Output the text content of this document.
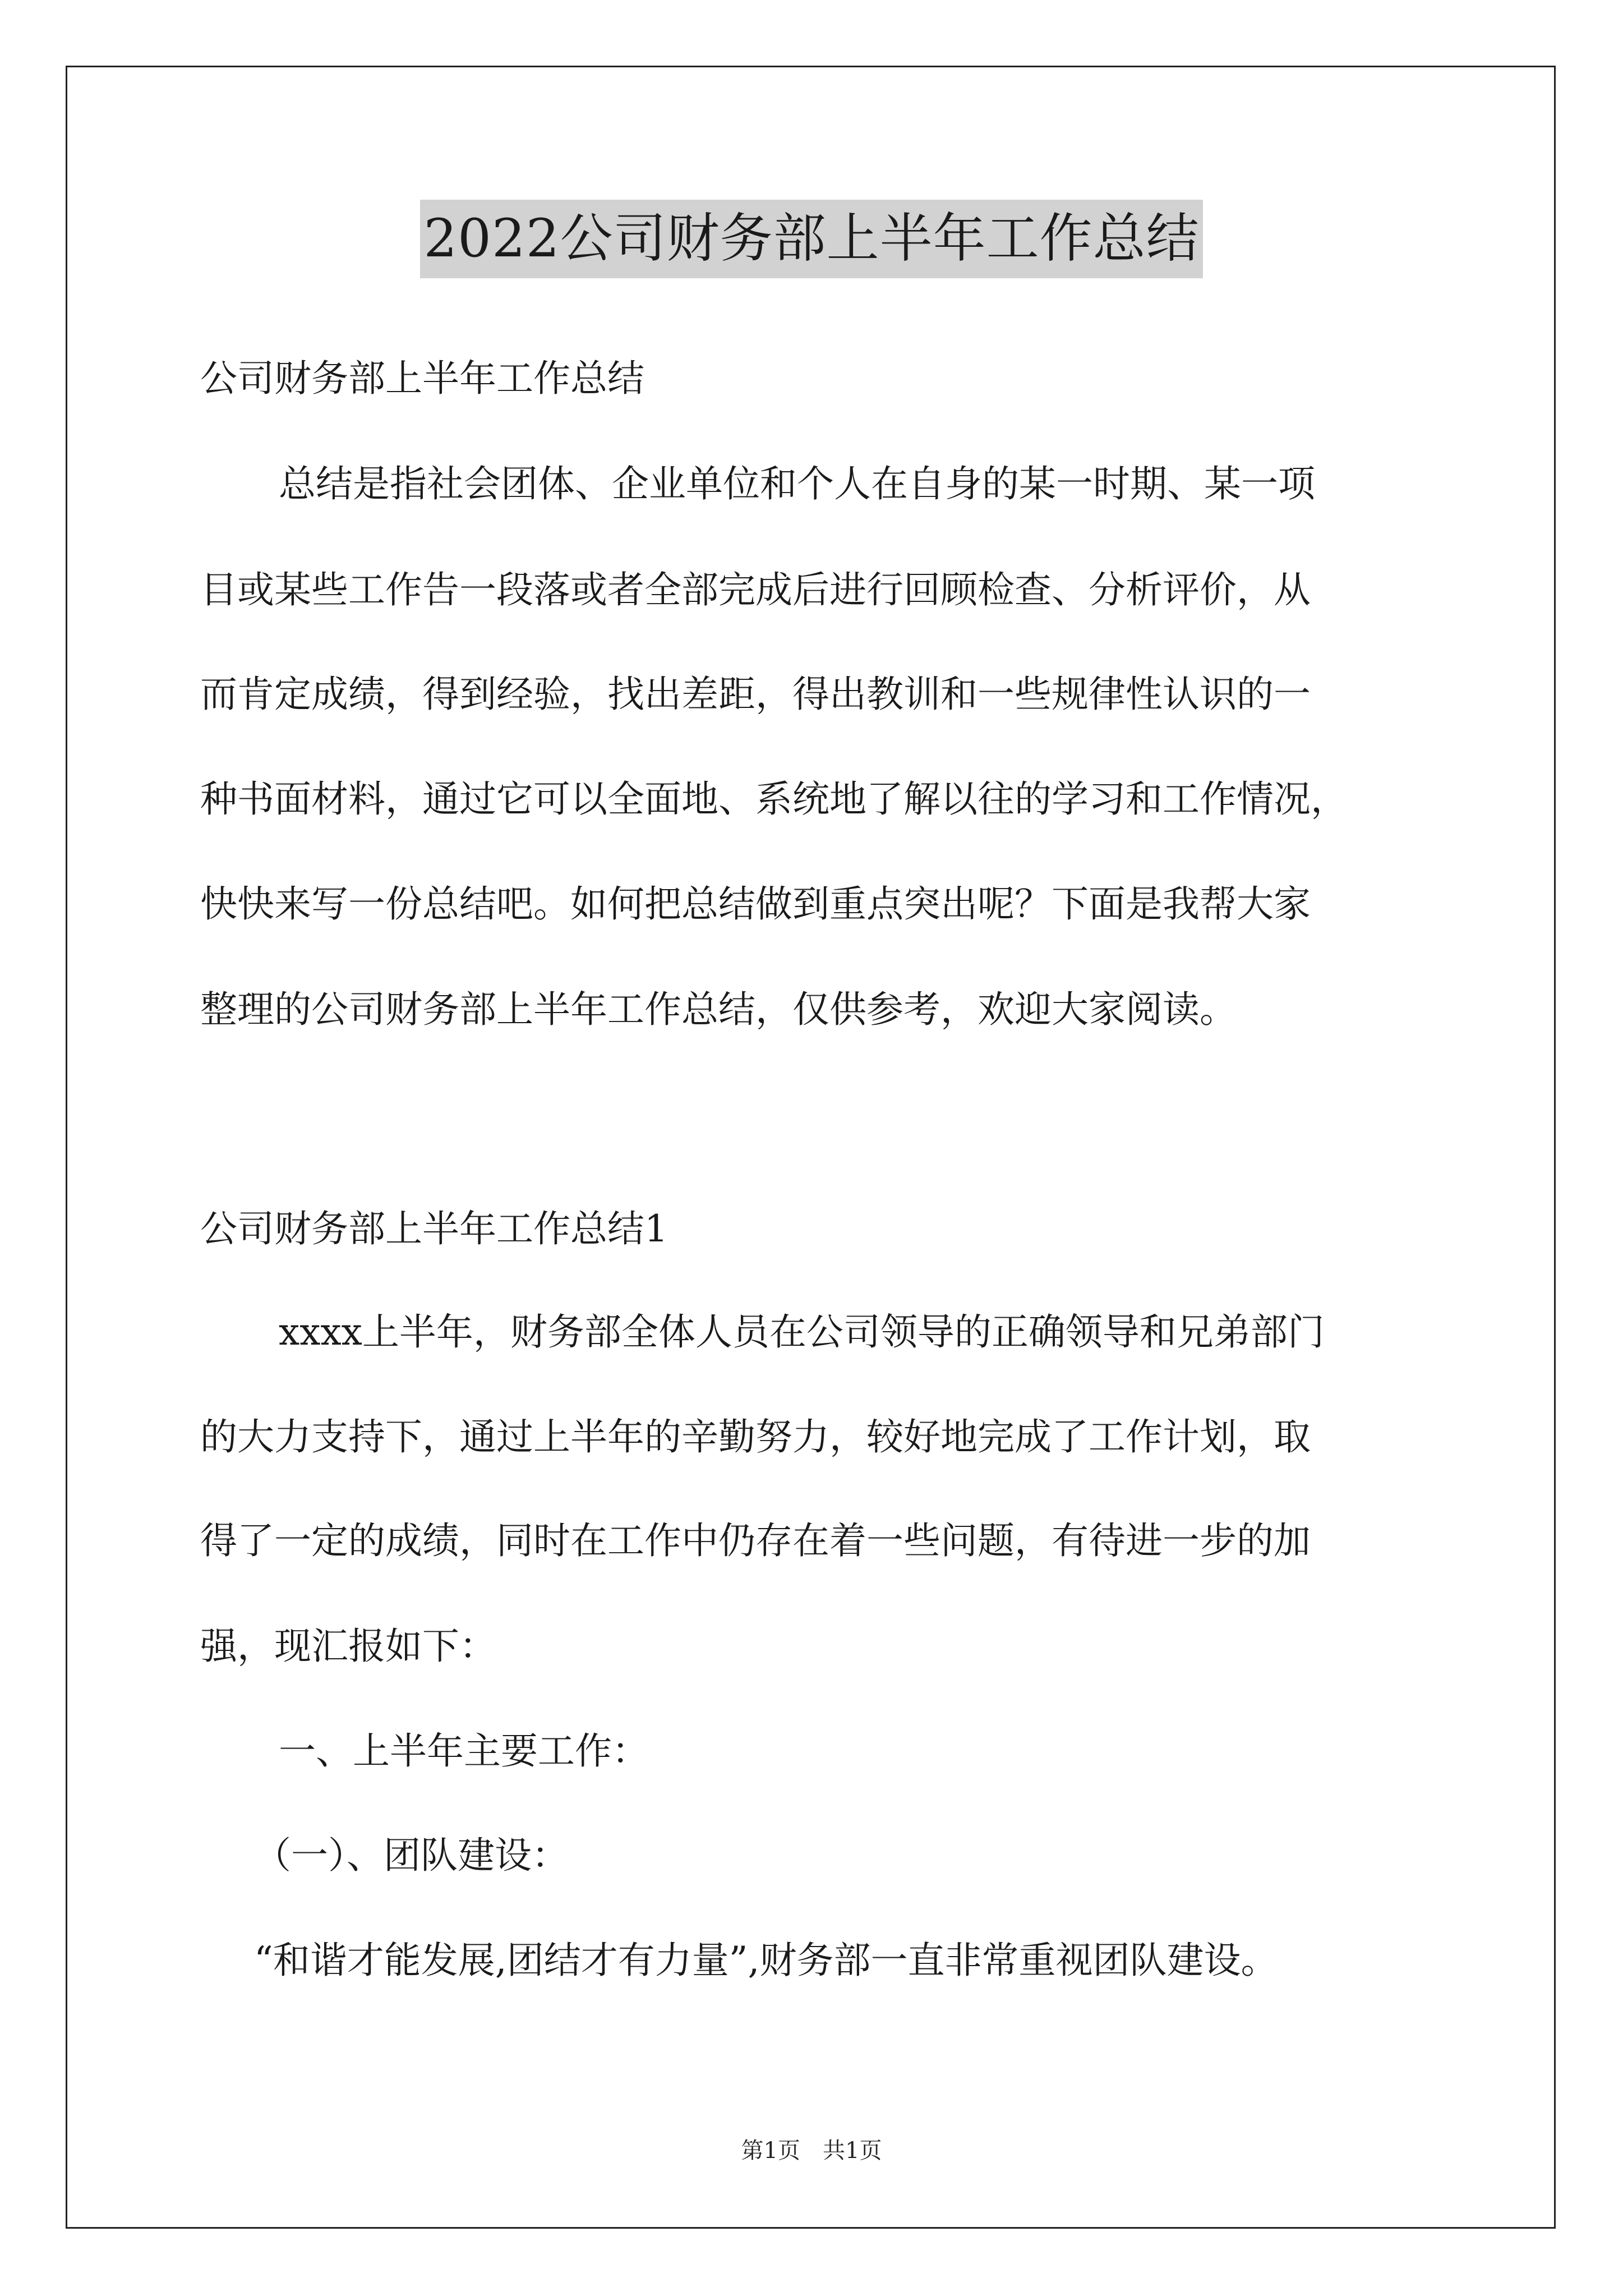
2022公司财务部上半年工作总结
公司财务部上半年工作总结
总结是指社会团体、企业单位和个人在自身的某一时期、某一项
目或某些工作告一段落或者全部完成后进行回顾检查、分析评价，从
而肯定成绩，得到经验，找出差距，得出教训和一些规律性认识的一
种书面材料，通过它可以全面地、系统地了解以往的学习和工作情况，
快快来写一份总结吧。如何把总结做到重点突出呢？下面是我帮大家
整理的公司财务部上半年工作总结，仅供参考，欢迎大家阅读。
公司财务部上半年工作总结1
xxxx上半年，财务部全体人员在公司领导的正确领导和兄弟部门
的大力支持下，通过上半年的辛勤努力，较好地完成了工作计划，取
得了一定的成绩，同时在工作中仍存在着一些问题，有待进一步的加
强，现汇报如下：
一、上半年主要工作：
（一）、团队建设：
“和谐才能发展,团结才有力量”,财务部一直非常重视团队建设。
第1页　共1页
